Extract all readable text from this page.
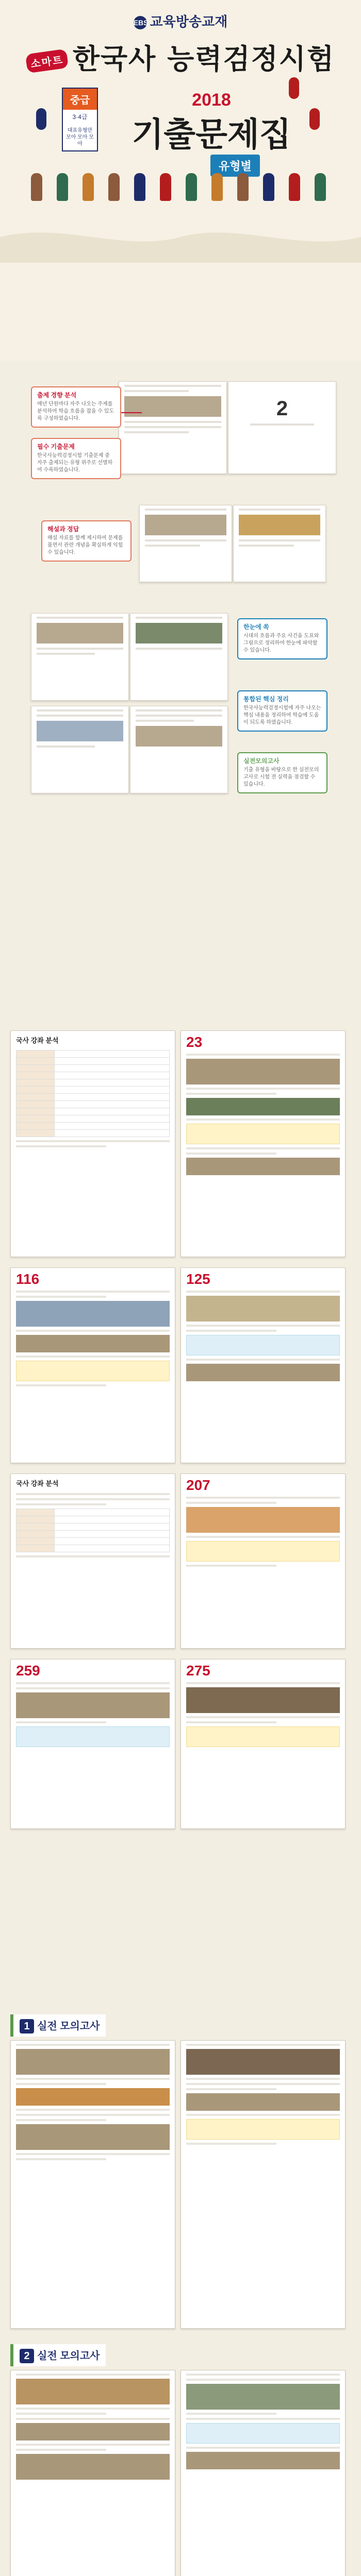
EBS 교육방송교재
소마트 한국사 능력검정시험
중급
3·4급
대표유형만 모아 모아 모아
2018
기출문제집
유형별
2
출제 경향 분석

매년 단원마다 자주 나오는 주제를 분석하여 학습 흐름을 잡을 수 있도록 구성하였습니다.

필수 기출문제

한국사능력검정시험 기출문제 중 자주 출제되는 유형 위주로 선별하여 수록하였습니다.

해설과 정답

해설 자료를 함께 제시하여 문제를 풀면서 관련 개념을 확실하게 익힐 수 있습니다.

한눈에 쏙

시대의 흐름과 주요 사건을 도표와 그림으로 정리하여 한눈에 파악할 수 있습니다.

통합된 핵심 정리

한국사능력검정시험에 자주 나오는 핵심 내용을 정리하여 학습에 도움이 되도록 하였습니다.

실전모의고사

기출 유형을 바탕으로 한 실전모의고사로 시험 전 실력을 점검할 수 있습니다.

국사 강좌 분석

		23
116	125
국사 강좌 분석

		207
259	275
1 실전 모의고사
2 실전 모의고사
